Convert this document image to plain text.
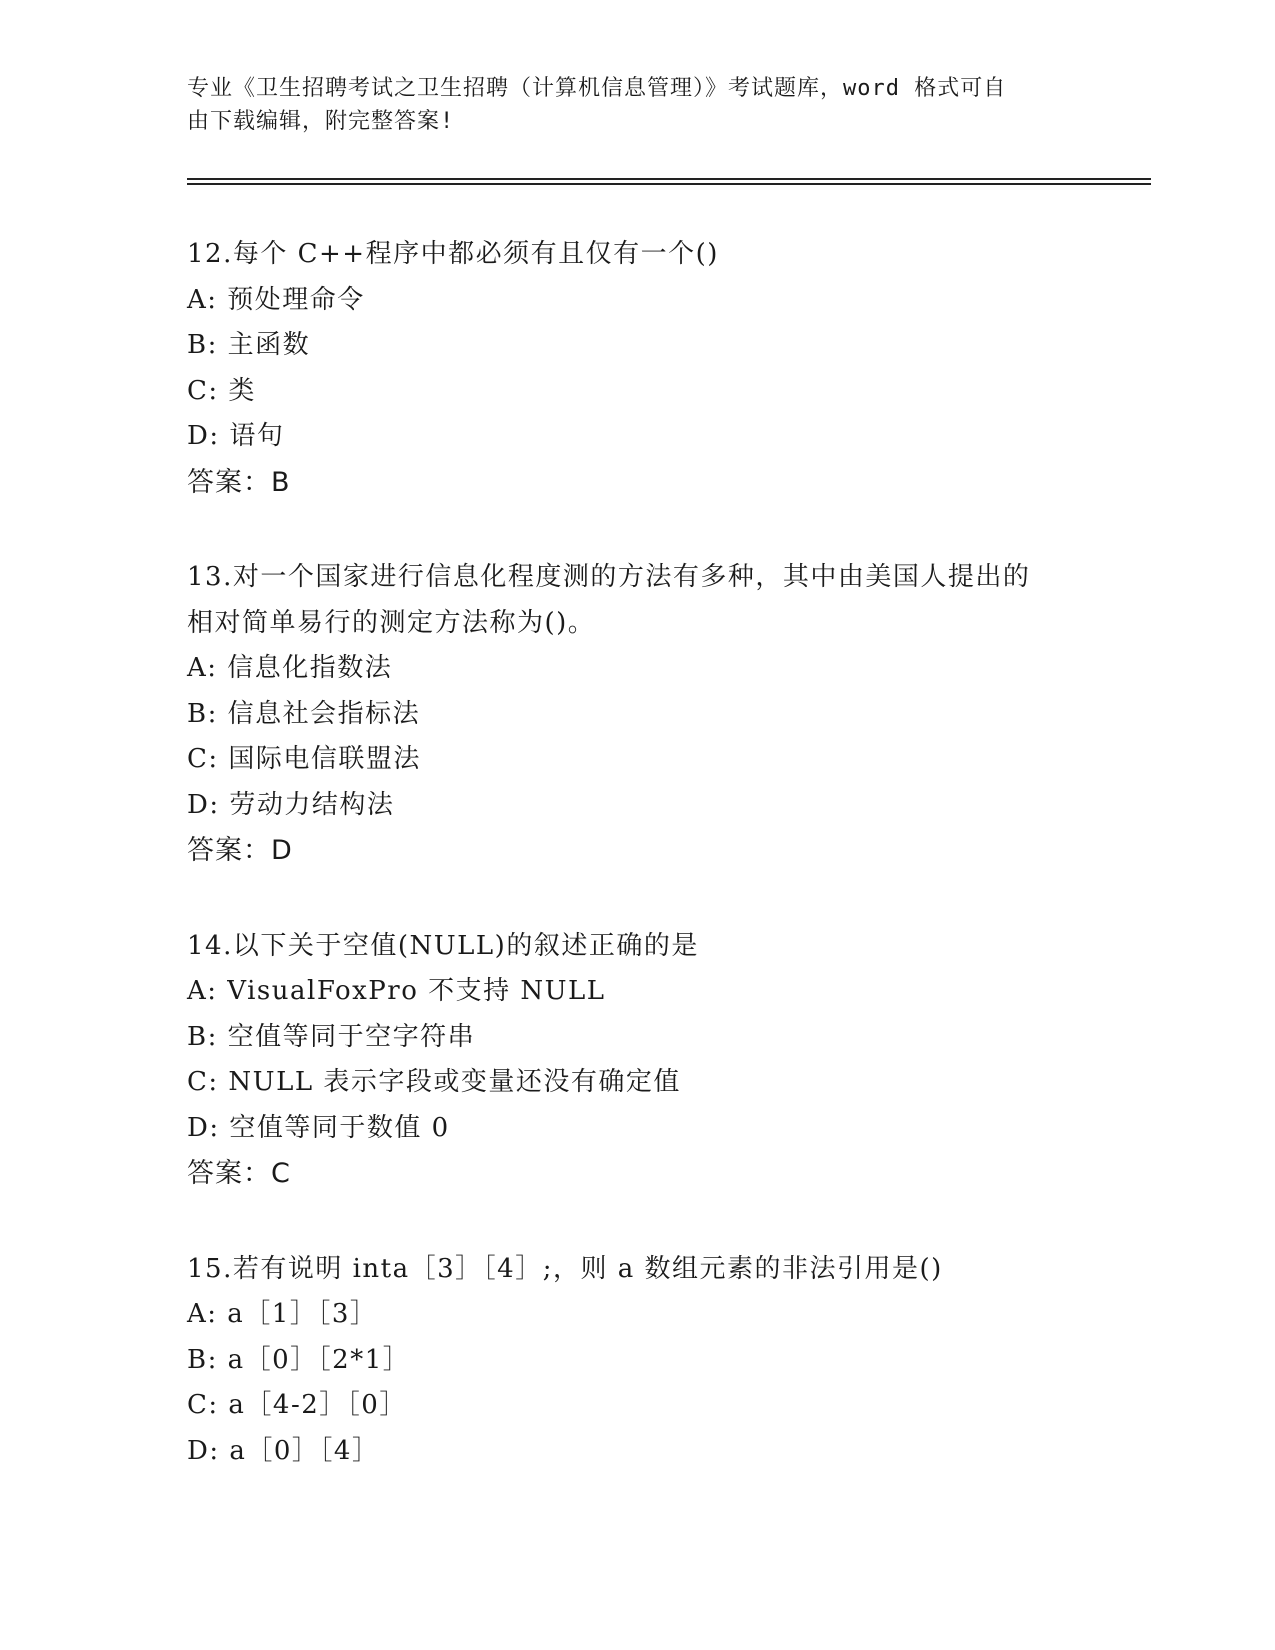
专业《卫生招聘考试之卫生招聘（计算机信息管理）》考试题库，word 格式可自
由下载编辑，附完整答案!
12.每个 C++程序中都必须有且仅有一个()
A: 预处理命令
B: 主函数
C: 类
D: 语句
答案：B
13.对一个国家进行信息化程度测的方法有多种，其中由美国人提出的
相对简单易行的测定方法称为()。
A: 信息化指数法
B: 信息社会指标法
C: 国际电信联盟法
D: 劳动力结构法
答案：D
14.以下关于空值(NULL)的叙述正确的是
A: VisualFoxPro 不支持 NULL
B: 空值等同于空字符串
C: NULL 表示字段或变量还没有确定值
D: 空值等同于数值 0
答案：C
15.若有说明 inta［3］［4］;，则 a 数组元素的非法引用是()
A: a［1］［3］
B: a［0］［2*1］
C: a［4-2］［0］
D: a［0］［4］
